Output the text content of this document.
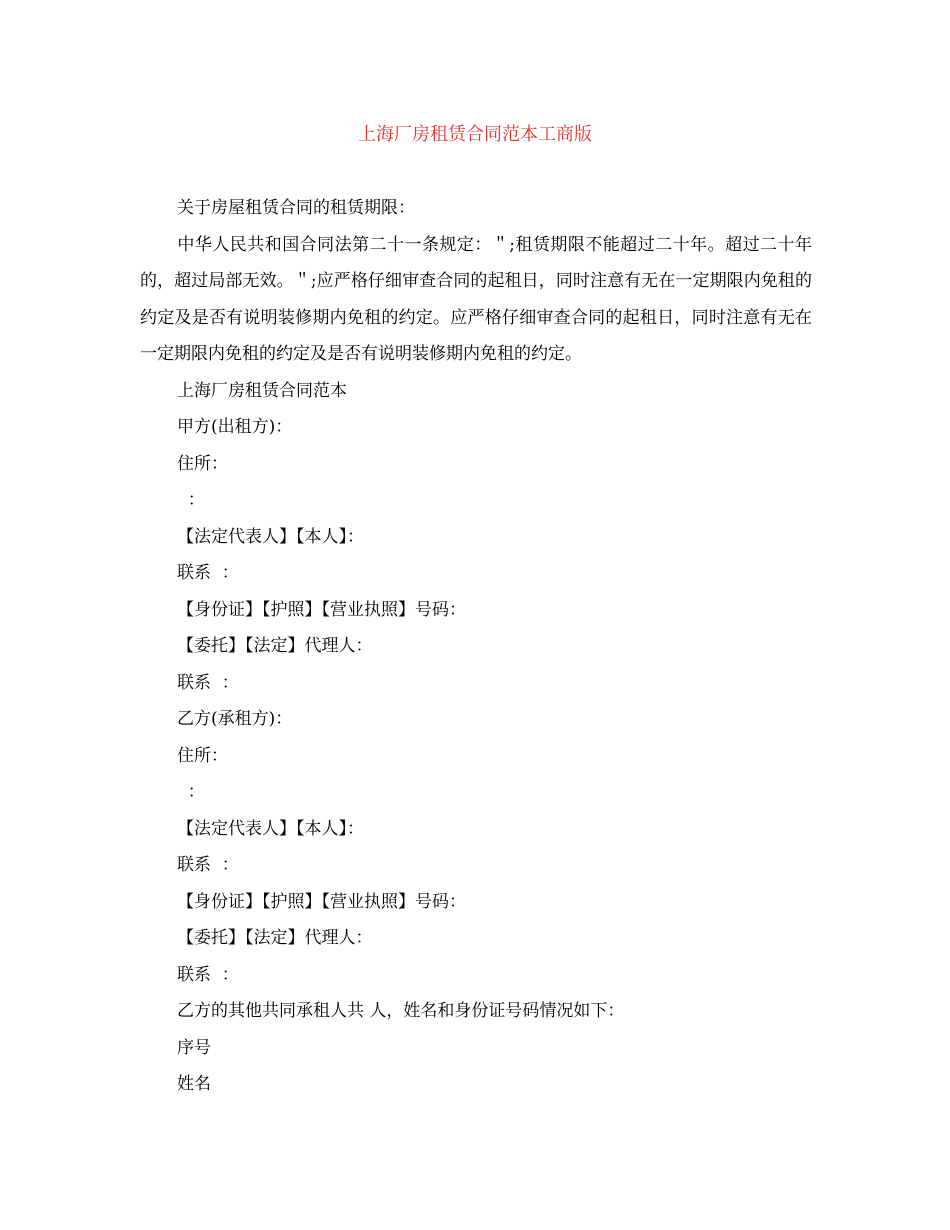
上海厂房租赁合同范本工商版

关于房屋租赁合同的租赁期限：

中华人民共和国合同法第二十一条规定：＂;租赁期限不能超过二十年。超过二十年的，超过局部无效。＂;应严格仔细审查合同的起租日，同时注意有无在一定期限内免租的约定及是否有说明装修期内免租的约定。应严格仔细审查合同的起租日，同时注意有无在一定期限内免租的约定及是否有说明装修期内免租的约定。

上海厂房租赁合同范本

甲方(出租方)：

住所：

：

【法定代表人】【本人】：

联系  ：

【身份证】【护照】【营业执照】号码：

【委托】【法定】代理人：

联系  ：

乙方(承租方)：

住所：

：

【法定代表人】【本人】：

联系  ：

【身份证】【护照】【营业执照】号码：

【委托】【法定】代理人：

联系  ：

乙方的其他共同承租人共 人，姓名和身份证号码情况如下：

序号

姓名
